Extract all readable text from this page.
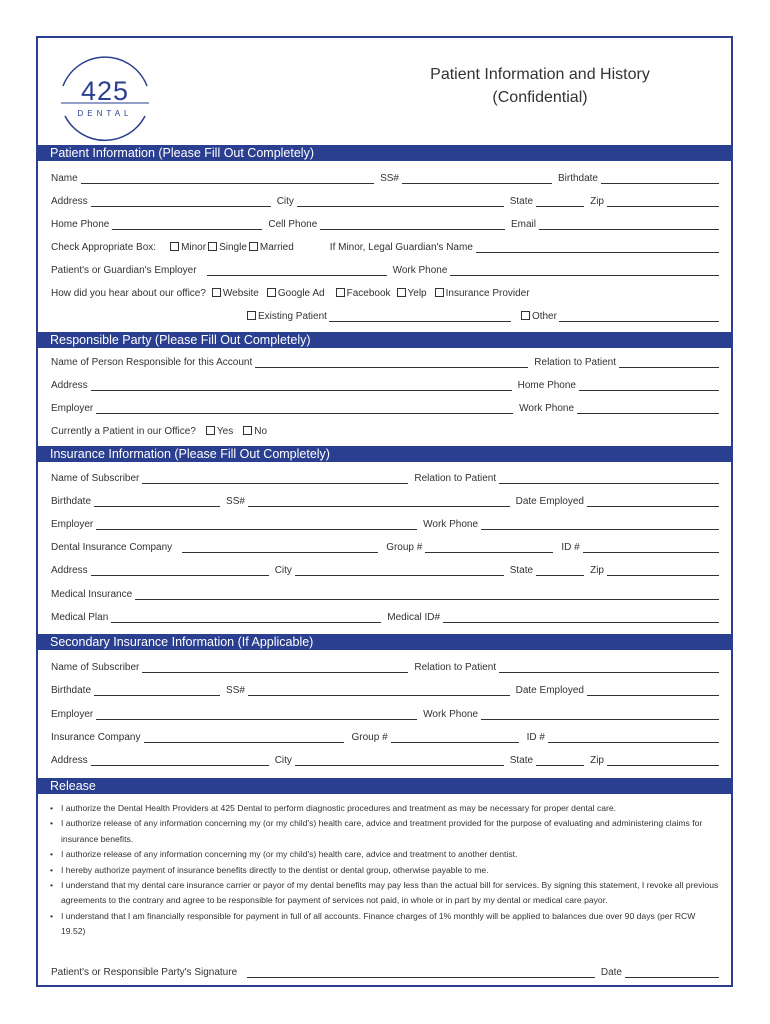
425
DENTAL
Patient Information and History
(Confidential)
Patient Information (Please Fill Out Completely)
Name	SS#	Birthdate
Address	City	State	Zip
Home Phone	Cell Phone	Email
Check Appropriate Box:	Minor	Single	Married	If Minor, Legal Guardian's Name
Patient's or Guardian's Employer	Work Phone
How did you hear about our office?	Website	Google Ad	Facebook	Yelp	Insurance Provider
Existing Patient	Other
Responsible Party (Please Fill Out Completely)
Name of Person Responsible for this Account	Relation to Patient
Address	Home Phone
Employer	Work Phone
Currently a Patient in our Office?	Yes	No
Insurance Information (Please Fill Out Completely)
Name of Subscriber	Relation to Patient
Birthdate	SS#	Date Employed
Employer	Work Phone
Dental Insurance Company	Group #	ID #
Address	City	State	Zip
Medical Insurance
Medical Plan	Medical ID#
Secondary Insurance Information (If Applicable)
Name of Subscriber	Relation to Patient
Birthdate	SS#	Date Employed
Employer	Work Phone
Insurance Company	Group #	ID #
Address	City	State	Zip
Release
• I authorize the Dental Health Providers at 425 Dental to perform diagnostic procedures and treatment as may be necessary for proper dental care.
• I authorize release of any information concerning my (or my child's) health care, advice and treatment provided for the purpose of evaluating and administering claims for insurance benefits.
• I authorize release of any information concerning my (or my child's) health care, advice and treatment to another dentist.
• I hereby authorize payment of insurance benefits directly to the dentist or dental group, otherwise payable to me.
• I understand that my dental care insurance carrier or payor of my dental benefits may pay less than the actual bill for services. By signing this statement, I revoke all previous agreements to the contrary and agree to be responsible for payment of services not paid, in whole or in part by my dental or medical care payor.
• I understand that I am financially responsible for payment in full of all accounts. Finance charges of 1% monthly will be applied to balances due over 90 days (per RCW 19.52)
Patient's or Responsible Party's Signature	Date
